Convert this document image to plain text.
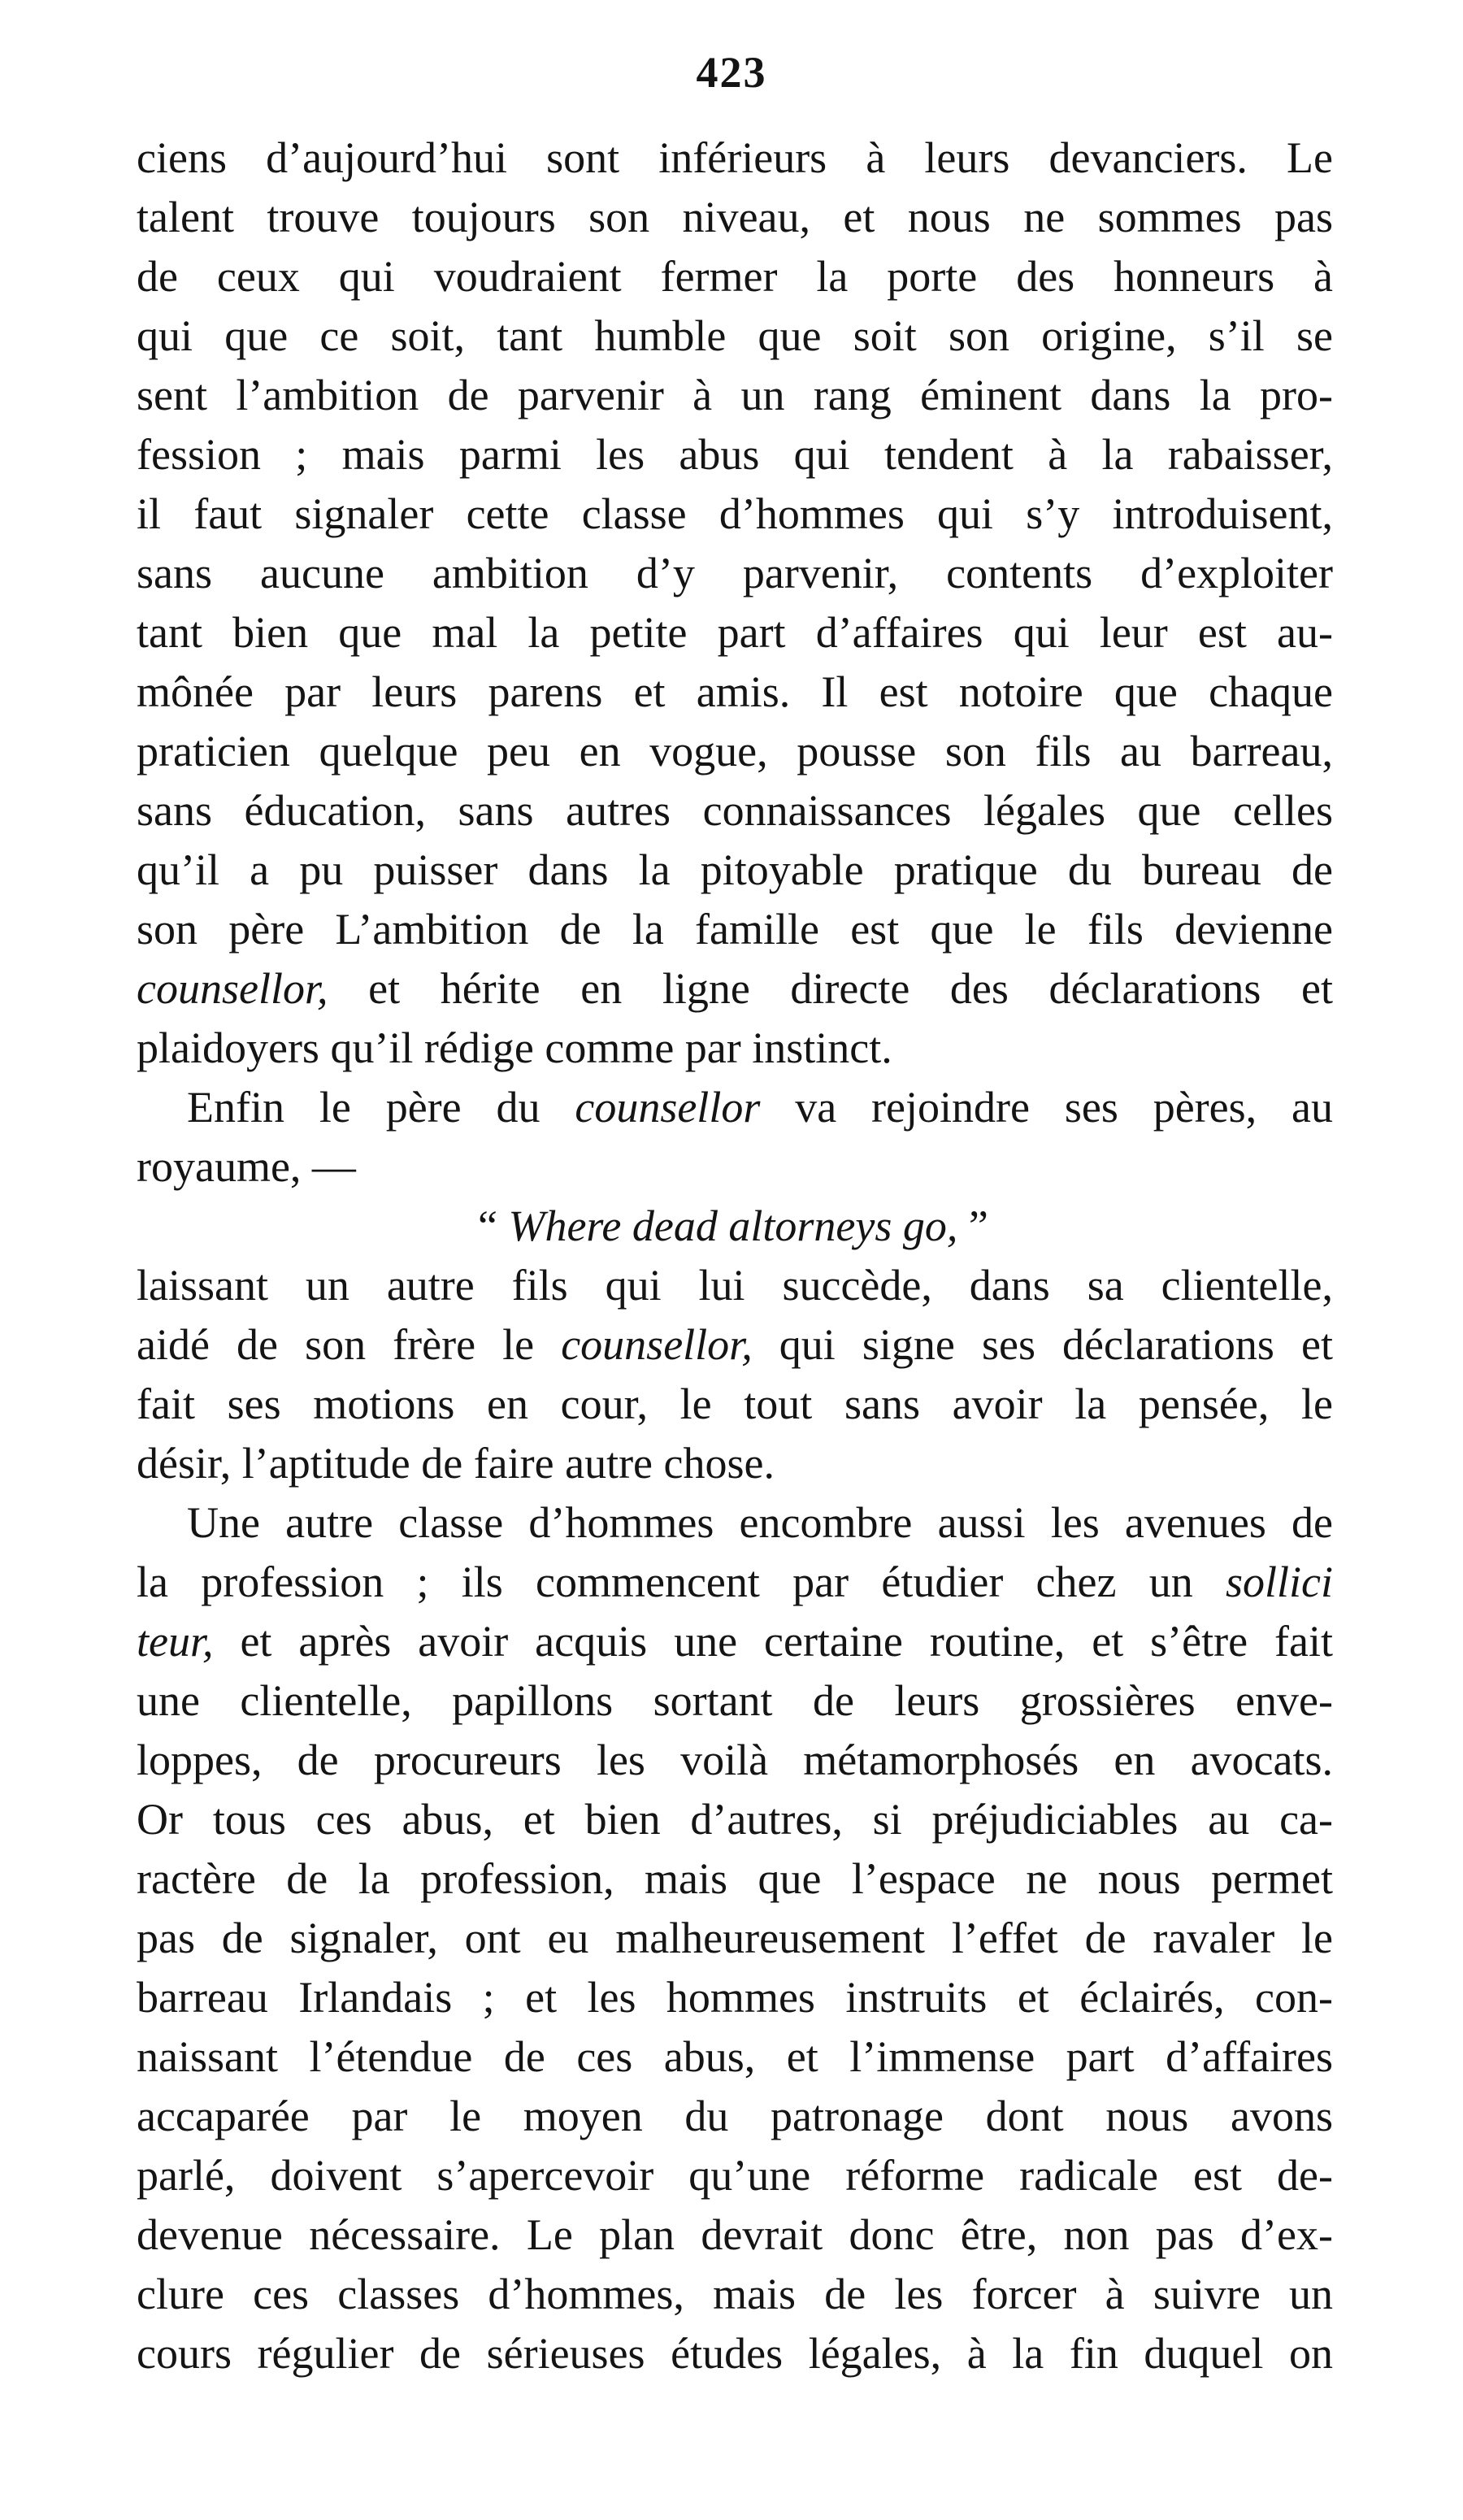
423
ciens d’aujourd’hui sont inférieurs à leurs devanciers. Le
talent trouve toujours son niveau, et nous ne sommes pas
de ceux qui voudraient fermer la porte des honneurs à
qui que ce soit, tant humble que soit son origine, s’il se
sent l’ambition de parvenir à un rang éminent dans la pro-
fession ; mais parmi les abus qui tendent à la rabaisser,
il faut signaler cette classe d’hommes qui s’y introduisent,
sans aucune ambition d’y parvenir, contents d’exploiter
tant bien que mal la petite part d’affaires qui leur est au-
mônée par leurs parens et amis. Il est notoire que chaque
praticien quelque peu en vogue, pousse son fils au barreau,
sans éducation, sans autres connaissances légales que celles
qu’il a pu puisser dans la pitoyable pratique du bureau de
son père L’ambition de la famille est que le fils devienne
counsellor, et hérite en ligne directe des déclarations et
plaidoyers qu’il rédige comme par instinct.
Enfin le père du counsellor va rejoindre ses pères, au
royaume, —
“ Where dead altorneys go, ”
laissant un autre fils qui lui succède, dans sa clientelle,
aidé de son frère le counsellor, qui signe ses déclarations et
fait ses motions en cour, le tout sans avoir la pensée, le
désir, l’aptitude de faire autre chose.
Une autre classe d’hommes encombre aussi les avenues de
la profession ; ils commencent par étudier chez un sollici
teur, et après avoir acquis une certaine routine, et s’être fait
une clientelle, papillons sortant de leurs grossières enve-
loppes, de procureurs les voilà métamorphosés en avocats.
Or tous ces abus, et bien d’autres, si préjudiciables au ca-
ractère de la profession, mais que l’espace ne nous permet
pas de signaler, ont eu malheureusement l’effet de ravaler le
barreau Irlandais ; et les hommes instruits et éclairés, con-
naissant l’étendue de ces abus, et l’immense part d’affaires
accaparée par le moyen du patronage dont nous avons
parlé, doivent s’apercevoir qu’une réforme radicale est de-
devenue nécessaire. Le plan devrait donc être, non pas d’ex-
clure ces classes d’hommes, mais de les forcer à suivre un
cours régulier de sérieuses études légales, à la fin duquel on
